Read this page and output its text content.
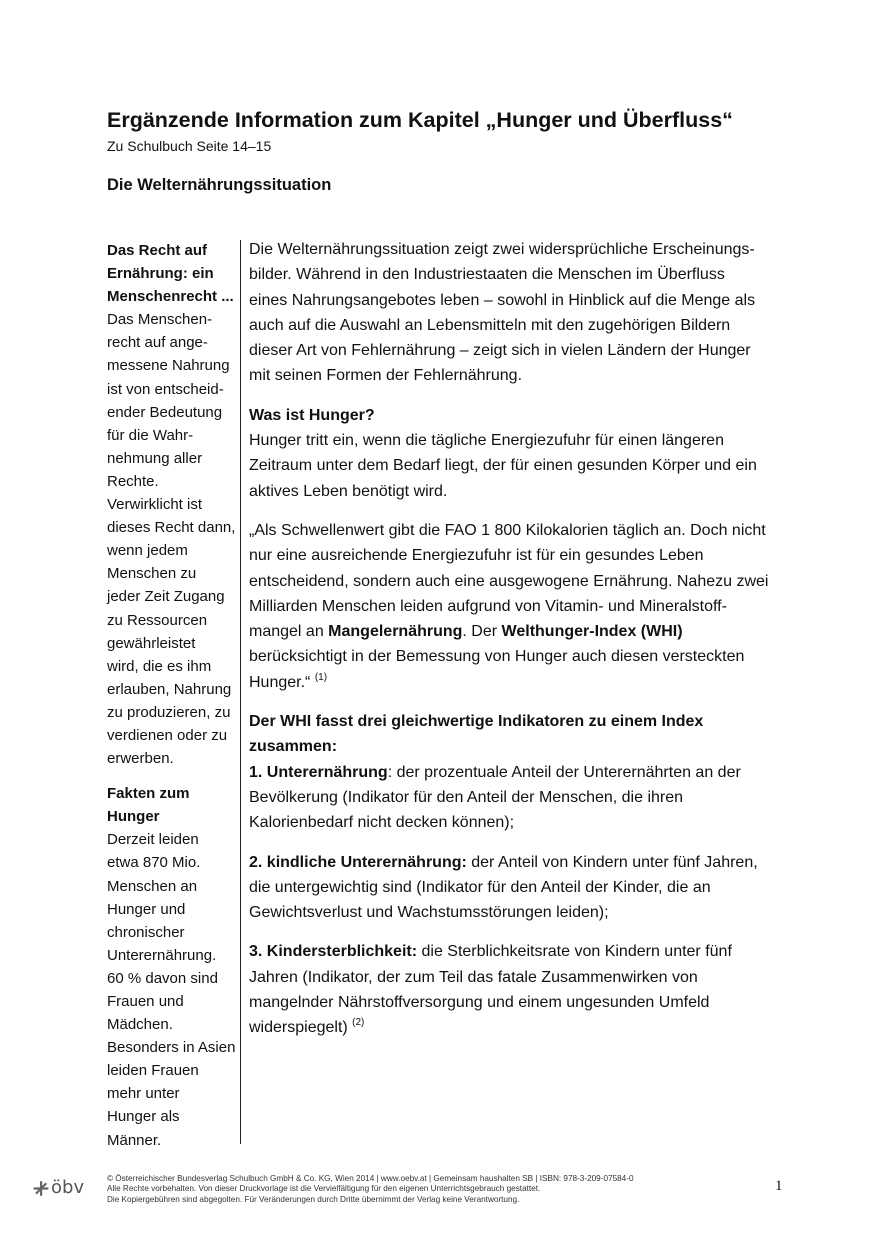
Ergänzende Information zum Kapitel „Hunger und Überfluss“
Zu Schulbuch Seite 14–15
Die Welternährungssituation
Das Recht auf
Ernährung: ein
Menschenrecht ...
Das Menschen-
recht auf ange-
messene Nahrung
ist von entscheid-
ender Bedeutung
für die Wahr-
nehmung aller
Rechte.
Verwirklicht ist
dieses Recht dann,
wenn jedem
Menschen zu
jeder Zeit Zugang
zu Ressourcen
gewährleistet
wird, die es ihm
erlauben, Nahrung
zu produzieren, zu
verdienen oder zu
erwerben.
Fakten zum
Hunger
Derzeit leiden
etwa 870 Mio.
Menschen an
Hunger und
chronischer
Unterernährung.
60 % davon sind
Frauen und
Mädchen.
Besonders in Asien
leiden Frauen
mehr unter
Hunger als
Männer.

Die Welternährungssituation zeigt zwei widersprüchliche Erscheinungs-
bilder. Während in den Industriestaaten die Menschen im Überfluss
eines Nahrungsangebotes leben – sowohl in Hinblick auf die Menge als
auch auf die Auswahl an Lebensmitteln mit den zugehörigen Bildern
dieser Art von Fehlernährung – zeigt sich in vielen Ländern der Hunger
mit seinen Formen der Fehlernährung.

Was ist Hunger?
Hunger tritt ein, wenn die tägliche Energiezufuhr für einen längeren
Zeitraum unter dem Bedarf liegt, der für einen gesunden Körper und ein
aktives Leben benötigt wird.

„Als Schwellenwert gibt die FAO 1 800 Kilokalorien täglich an. Doch nicht
nur eine ausreichende Energiezufuhr ist für ein gesundes Leben
entscheidend, sondern auch eine ausgewogene Ernährung. Nahezu zwei
Milliarden Menschen leiden aufgrund von Vitamin- und Mineralstoff-
mangel an Mangelernährung. Der Welthunger-Index (WHI)
berücksichtigt in der Bemessung von Hunger auch diesen versteckten
Hunger.“ $^{(1)}$

Der WHI fasst drei gleichwertige Indikatoren zu einem Index
zusammen:
1. Unterernährung: der prozentuale Anteil der Unterernährten an der
Bevölkerung (Indikator für den Anteil der Menschen, die ihren
Kalorienbedarf nicht decken können);

2. kindliche Unterernährung: der Anteil von Kindern unter fünf Jahren,
die untergewichtig sind (Indikator für den Anteil der Kinder, die an
Gewichtsverlust und Wachstumsstörungen leiden);

3. Kindersterblichkeit: die Sterblichkeitsrate von Kindern unter fünf
Jahren (Indikator, der zum Teil das fatale Zusammenwirken von
mangelnder Nährstoffversorgung und einem ungesunden Umfeld
widerspiegelt) $^{(2)}$

öbv	© Österreichischer Bundesverlag Schulbuch GmbH & Co. KG, Wien 2014 | www.oebv.at | Gemeinsam haushalten SB | ISBN: 978-3-209-07584-0
Alle Rechte vorbehalten. Von dieser Druckvorlage ist die Vervielfältigung für den eigenen Unterrichtsgebrauch gestattet.
Die Kopiergebühren sind abgegolten. Für Veränderungen durch Dritte übernimmt der Verlag keine Verantwortung.
1
